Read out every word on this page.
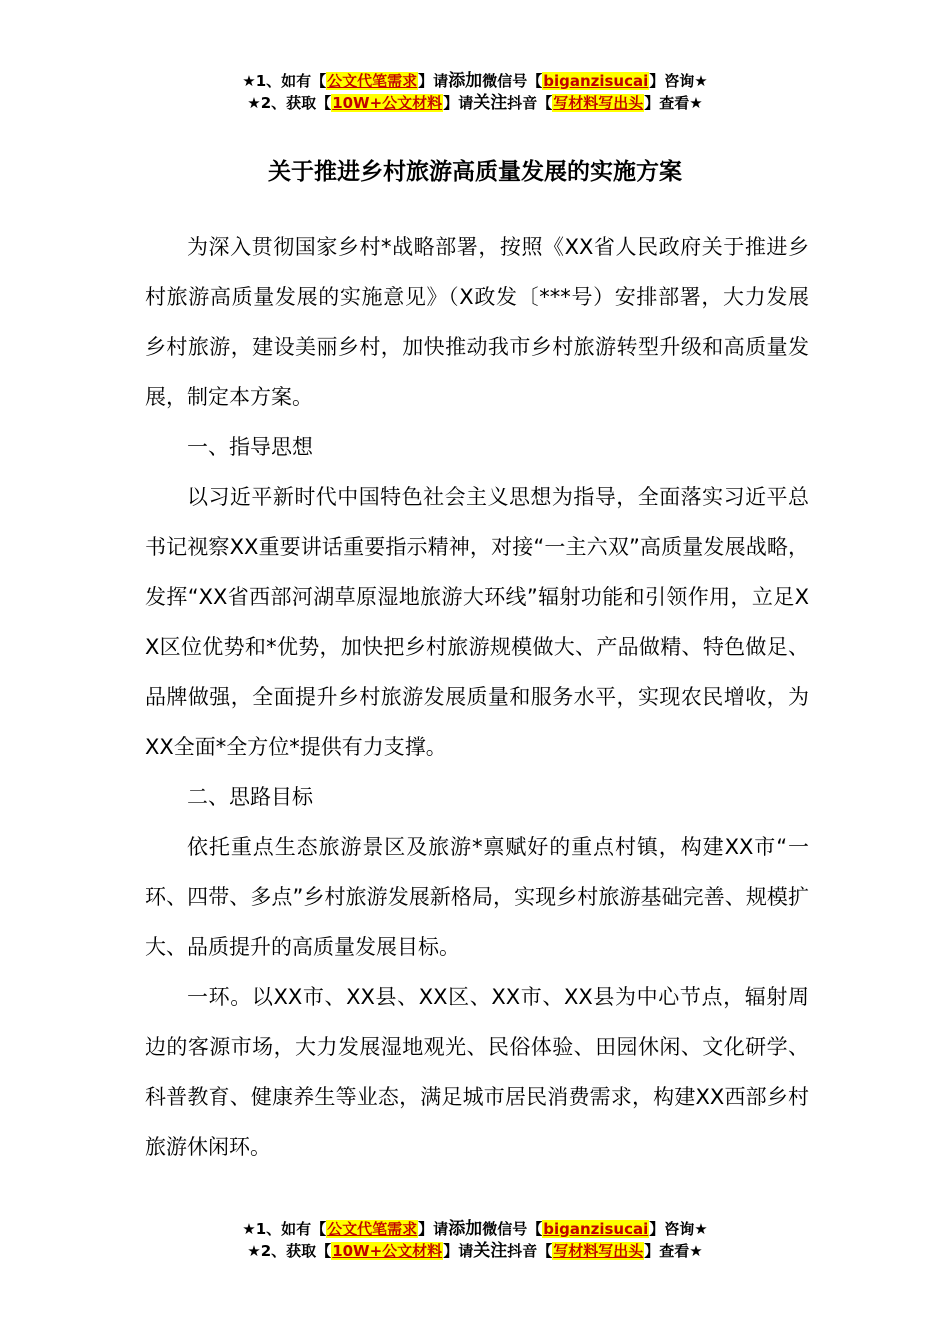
★1、如有【公文代笔需求】请添加微信号【biganzisucai】咨询★
★2、获取【10W+公文材料】请关注抖音【写材料写出头】查看★
关于推进乡村旅游高质量发展的实施方案

为深入贯彻国家乡村*战略部署，按照《XX省人民政府关于推进乡村旅游高质量发展的实施意见》（X政发〔***号）安排部署，大力发展乡村旅游，建设美丽乡村，加快推动我市乡村旅游转型升级和高质量发展，制定本方案。

一、指导思想

以习近平新时代中国特色社会主义思想为指导，全面落实习近平总书记视察XX重要讲话重要指示精神，对接“一主六双”高质量发展战略，发挥“XX省西部河湖草原湿地旅游大环线”辐射功能和引领作用，立足XX区位优势和*优势，加快把乡村旅游规模做大、产品做精、特色做足、品牌做强，全面提升乡村旅游发展质量和服务水平，实现农民增收，为XX全面*全方位*提供有力支撑。

二、思路目标

依托重点生态旅游景区及旅游*禀赋好的重点村镇，构建XX市“一环、四带、多点”乡村旅游发展新格局，实现乡村旅游基础完善、规模扩大、品质提升的高质量发展目标。

一环。以XX市、XX县、XX区、XX市、XX县为中心节点，辐射周边的客源市场，大力发展湿地观光、民俗体验、田园休闲、文化研学、科普教育、健康养生等业态，满足城市居民消费需求，构建XX西部乡村旅游休闲环。

★1、如有【公文代笔需求】请添加微信号【biganzisucai】咨询★
★2、获取【10W+公文材料】请关注抖音【写材料写出头】查看★
